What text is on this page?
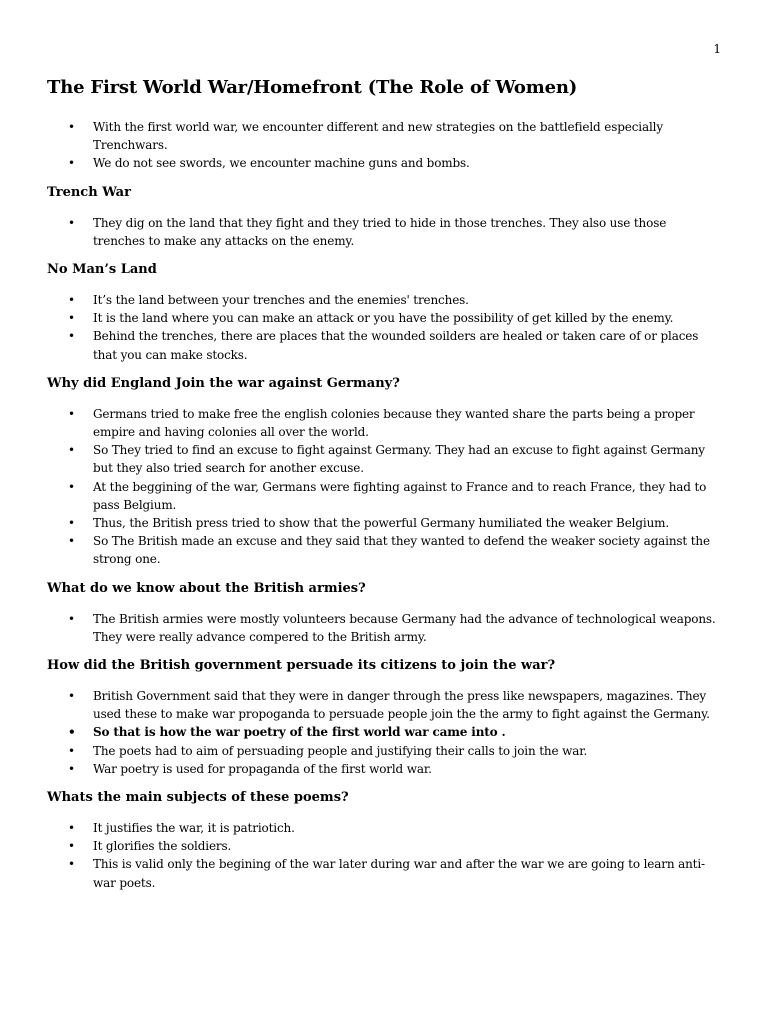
1
The First World War/Homefront (The Role of Women)
• With the first world war, we encounter different and new strategies on the battlefield especially Trenchwars.
• We do not see swords, we encounter machine guns and bombs.
Trench War
• They dig on the land that they fight and they tried to hide in those trenches. They also use those trenches to make any attacks on the enemy.
No Man’s Land
• It’s the land between your trenches and the enemies' trenches.
• It is the land where you can make an attack or you have the possibility of get killed by the enemy.
• Behind the trenches, there are places that the wounded soilders are healed or taken care of or places that you can make stocks.
Why did England Join the war against Germany?
• Germans tried to make free the english colonies because they wanted share the parts being a proper empire and having colonies all over the world.
• So They tried to find an excuse to fight against Germany. They had an excuse to fight against Germany but they also tried search for another excuse.
• At the beggining of the war, Germans were fighting against to France and to reach France, they had to pass Belgium.
• Thus, the British press tried to show that the powerful Germany humiliated the weaker Belgium.
• So The British made an excuse and they said that they wanted to defend the weaker society against the strong one.
What do we know about the British armies?
• The British armies were mostly volunteers because Germany had the advance of technological weapons. They were really advance compered to the British army.
How did the British government persuade its citizens to join the war?
• British Government said that they were in danger through the press like newspapers, magazines. They used these to make war propoganda to persuade people join the the army to fight against the Germany.
• So that is how the war poetry of the first world war came into .
• The poets had to aim of persuading people and justifying their calls to join the war.
• War poetry is used for propaganda of the first world war.
Whats the main subjects of these poems?
• It justifies the war, it is patriotich.
• It glorifies the soldiers.
• This is valid only the begining of the war later during war and after the war we are going to learn anti-war poets.
